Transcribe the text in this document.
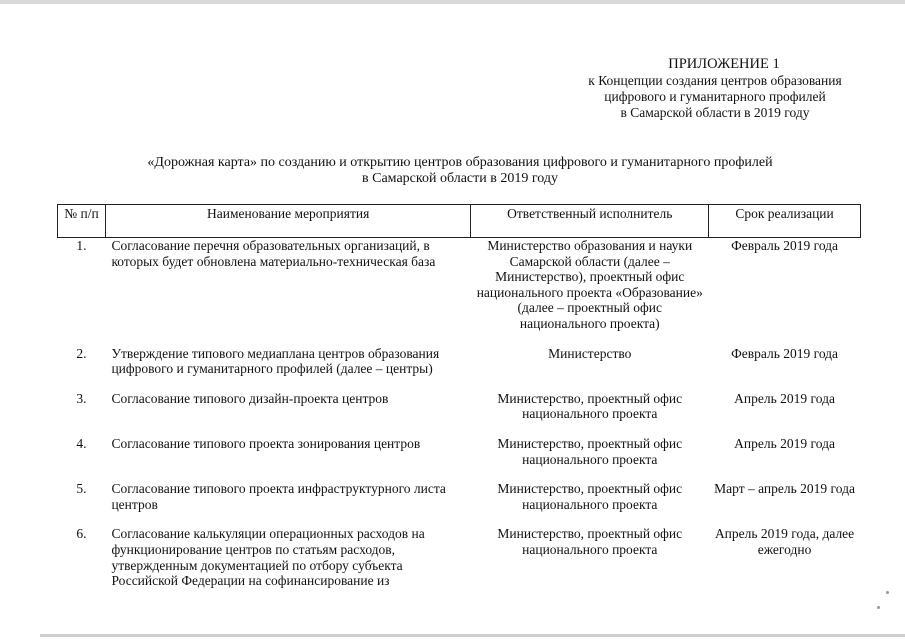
ПРИЛОЖЕНИЕ 1
к Концепции создания центров образования
цифрового и гуманитарного профилей
в Самарской области в 2019 году
«Дорожная карта» по созданию и открытию центров образования цифрового и гуманитарного профилей
в Самарской области в 2019 году
№ п/п	Наименование мероприятия	Ответственный исполнитель	Срок реализации
1.	Согласование перечня образовательных организаций, в которых будет обновлена материально-техническая база	Министерство образования и науки Самарской области (далее – Министерство), проектный офис национального проекта «Образование» (далее – проектный офис национального проекта)	Февраль 2019 года
2.	Утверждение типового медиаплана центров образования цифрового и гуманитарного профилей (далее – центры)	Министерство	Февраль 2019 года
3.	Согласование типового дизайн-проекта центров	Министерство, проектный офис национального проекта	Апрель 2019 года
4.	Согласование типового проекта зонирования центров	Министерство, проектный офис национального проекта	Апрель 2019 года
5.	Согласование типового проекта инфраструктурного листа центров	Министерство, проектный офис национального проекта	Март – апрель 2019 года
6.	Согласование калькуляции операционных расходов на функционирование центров по статьям расходов, утвержденным документацией по отбору субъекта Российской Федерации на софинансирование из	Министерство, проектный офис национального проекта	Апрель 2019 года, далее ежегодно
